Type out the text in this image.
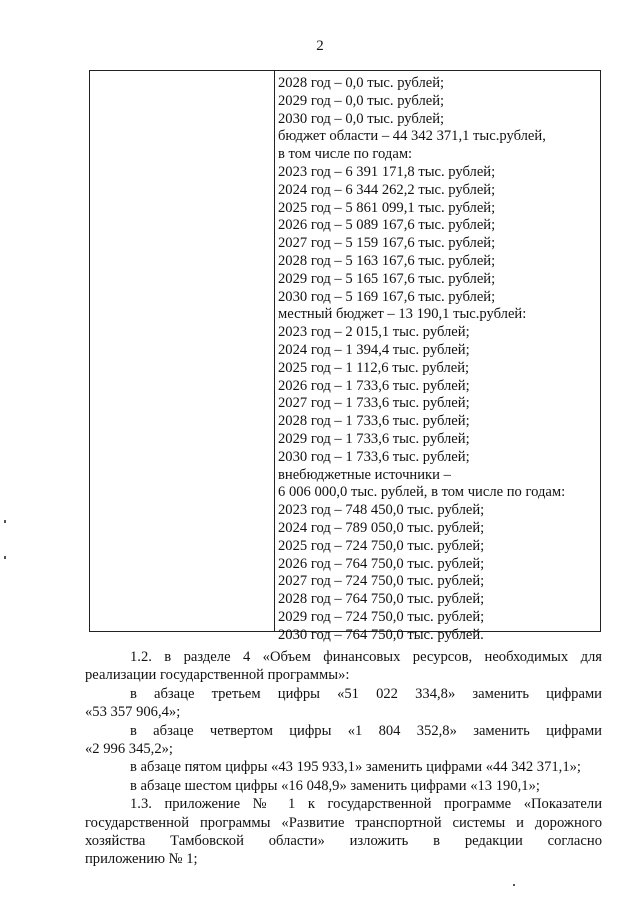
2
2028 год – 0,0 тыс. рублей;
2029 год – 0,0 тыс. рублей;
2030 год – 0,0 тыс. рублей;
бюджет области – 44 342 371,1 тыс.рублей,
в том числе по годам:
2023 год – 6 391 171,8 тыс. рублей;
2024 год – 6 344 262,2 тыс. рублей;
2025 год – 5 861 099,1 тыс. рублей;
2026 год – 5 089 167,6 тыс. рублей;
2027 год – 5 159 167,6 тыс. рублей;
2028 год – 5 163 167,6 тыс. рублей;
2029 год – 5 165 167,6 тыс. рублей;
2030 год – 5 169 167,6 тыс. рублей;
местный бюджет – 13 190,1 тыс.рублей:
2023 год – 2 015,1 тыс. рублей;
2024 год – 1 394,4 тыс. рублей;
2025 год – 1 112,6 тыс. рублей;
2026 год – 1 733,6 тыс. рублей;
2027 год – 1 733,6 тыс. рублей;
2028 год – 1 733,6 тыс. рублей;
2029 год – 1 733,6 тыс. рублей;
2030 год – 1 733,6 тыс. рублей;
внебюджетные источники –
6 006 000,0 тыс. рублей, в том числе по годам:
2023 год – 748 450,0 тыс. рублей;
2024 год – 789 050,0 тыс. рублей;
2025 год – 724 750,0 тыс. рублей;
2026 год – 764 750,0 тыс. рублей;
2027 год – 724 750,0 тыс. рублей;
2028 год – 764 750,0 тыс. рублей;
2029 год – 724 750,0 тыс. рублей;
2030 год – 764 750,0 тыс. рублей.
1.2. в разделе 4 «Объем финансовых ресурсов, необходимых для
реализации государственной программы»:
в абзаце третьем цифры «51 022 334,8» заменить цифрами
«53 357 906,4»;
в абзаце четвертом цифры «1 804 352,8» заменить цифрами
«2 996 345,2»;
в абзаце пятом цифры «43 195 933,1» заменить цифрами «44 342 371,1»;
в абзаце шестом цифры «16 048,9» заменить цифрами «13 190,1»;
1.3. приложение № 1 к государственной программе «Показатели
государственной программы «Развитие транспортной системы и дорожного
хозяйства Тамбовской области» изложить в редакции согласно
приложению № 1;
